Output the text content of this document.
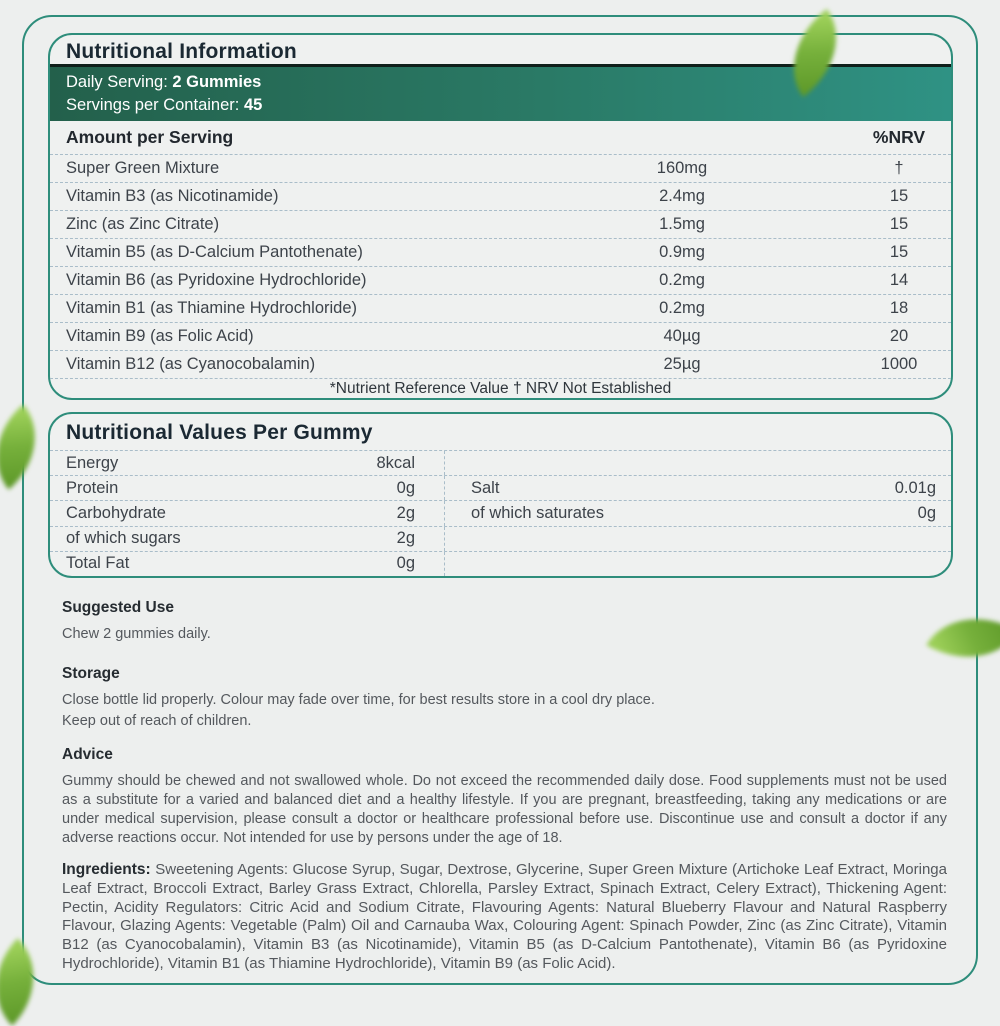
Nutritional Information
Daily Serving: 2 Gummies
Servings per Container: 45
Amount per Serving	%NRV
Super Green Mixture	160mg	†
Vitamin B3 (as Nicotinamide)	2.4mg	15
Zinc (as Zinc Citrate)	1.5mg	15
Vitamin B5 (as D-Calcium Pantothenate)	0.9mg	15
Vitamin B6 (as Pyridoxine Hydrochloride)	0.2mg	14
Vitamin B1 (as Thiamine Hydrochloride)	0.2mg	18
Vitamin B9 (as Folic Acid)	40µg	20
Vitamin B12 (as Cyanocobalamin)	25µg	1000
*Nutrient Reference Value † NRV Not Established
Nutritional Values Per Gummy
Energy	8kcal
Protein	0g	Salt	0.01g
Carbohydrate	2g	of which saturates	0g
of which sugars	2g
Total Fat	0g
Suggested Use

Chew 2 gummies daily.

Storage

Close bottle lid properly. Colour may fade over time, for best results store in a cool dry place.

Keep out of reach of children.

Advice

Gummy should be chewed and not swallowed whole. Do not exceed the recommended daily dose. Food supplements must not be used as a substitute for a varied and balanced diet and a healthy lifestyle. If you are pregnant, breastfeeding, taking any medications or are under medical supervision, please consult a doctor or healthcare professional before use. Discontinue use and consult a doctor if any adverse reactions occur. Not intended for use by persons under the age of 18.

Ingredients: Sweetening Agents: Glucose Syrup, Sugar, Dextrose, Glycerine, Super Green Mixture (Artichoke Leaf Extract, Moringa Leaf Extract, Broccoli Extract, Barley Grass Extract, Chlorella, Parsley Extract, Spinach Extract, Celery Extract), Thickening Agent: Pectin, Acidity Regulators: Citric Acid and Sodium Citrate, Flavouring Agents: Natural Blueberry Flavour and Natural Raspberry Flavour, Glazing Agents: Vegetable (Palm) Oil and Carnauba Wax, Colouring Agent: Spinach Powder, Zinc (as Zinc Citrate), Vitamin B12 (as Cyanocobalamin), Vitamin B3 (as Nicotinamide), Vitamin B5 (as D-Calcium Pantothenate), Vitamin B6 (as Pyridoxine Hydrochloride), Vitamin B1 (as Thiamine Hydrochloride), Vitamin B9 (as Folic Acid).
